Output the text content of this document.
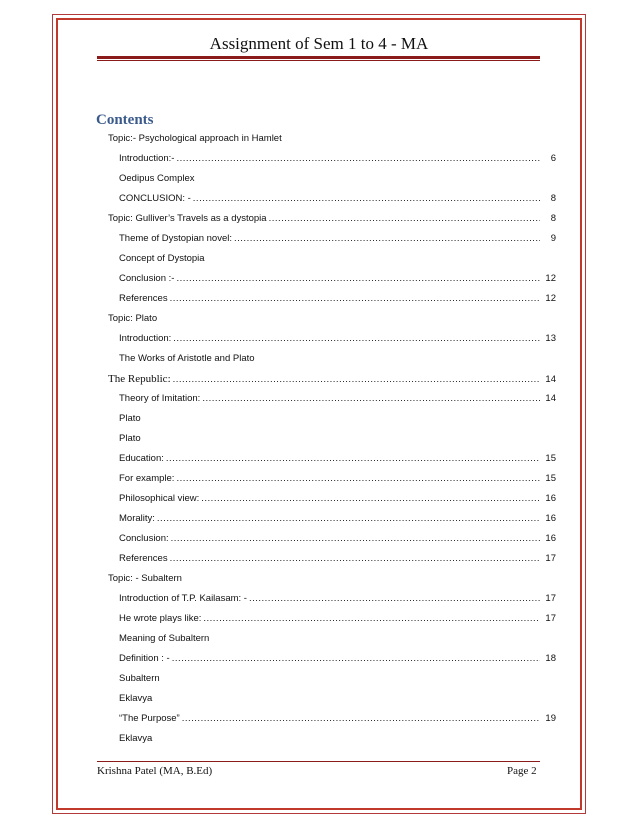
Assignment of Sem 1 to 4 - MA
Contents
Topic:- Psychological approach in Hamlet
Introduction:- .....	6
Oedipus Complex
CONCLUSION: - .....	8
Topic: Gulliver’s Travels as a dystopia .....	8
Theme of Dystopian novel: .....	9
Concept of Dystopia
Conclusion :- .....	12
References .....	12
Topic: Plato
Introduction: .....	13
The Works of Aristotle and Plato
The Republic: .....	14
Theory of Imitation: .....	14
Plato
Plato
Education: .....	15
For example: .....	15
Philosophical view: .....	16
Morality: .....	16
Conclusion: .....	16
References .....	17
Topic: - Subaltern
Introduction of T.P. Kailasam: - .....	17
He wrote plays like: .....	17
Meaning of Subaltern
Definition : - .....	18
Subaltern
Eklavya
“The Purpose” .....	19
Eklavya
Krishna Patel (MA, B.Ed)	Page 2
